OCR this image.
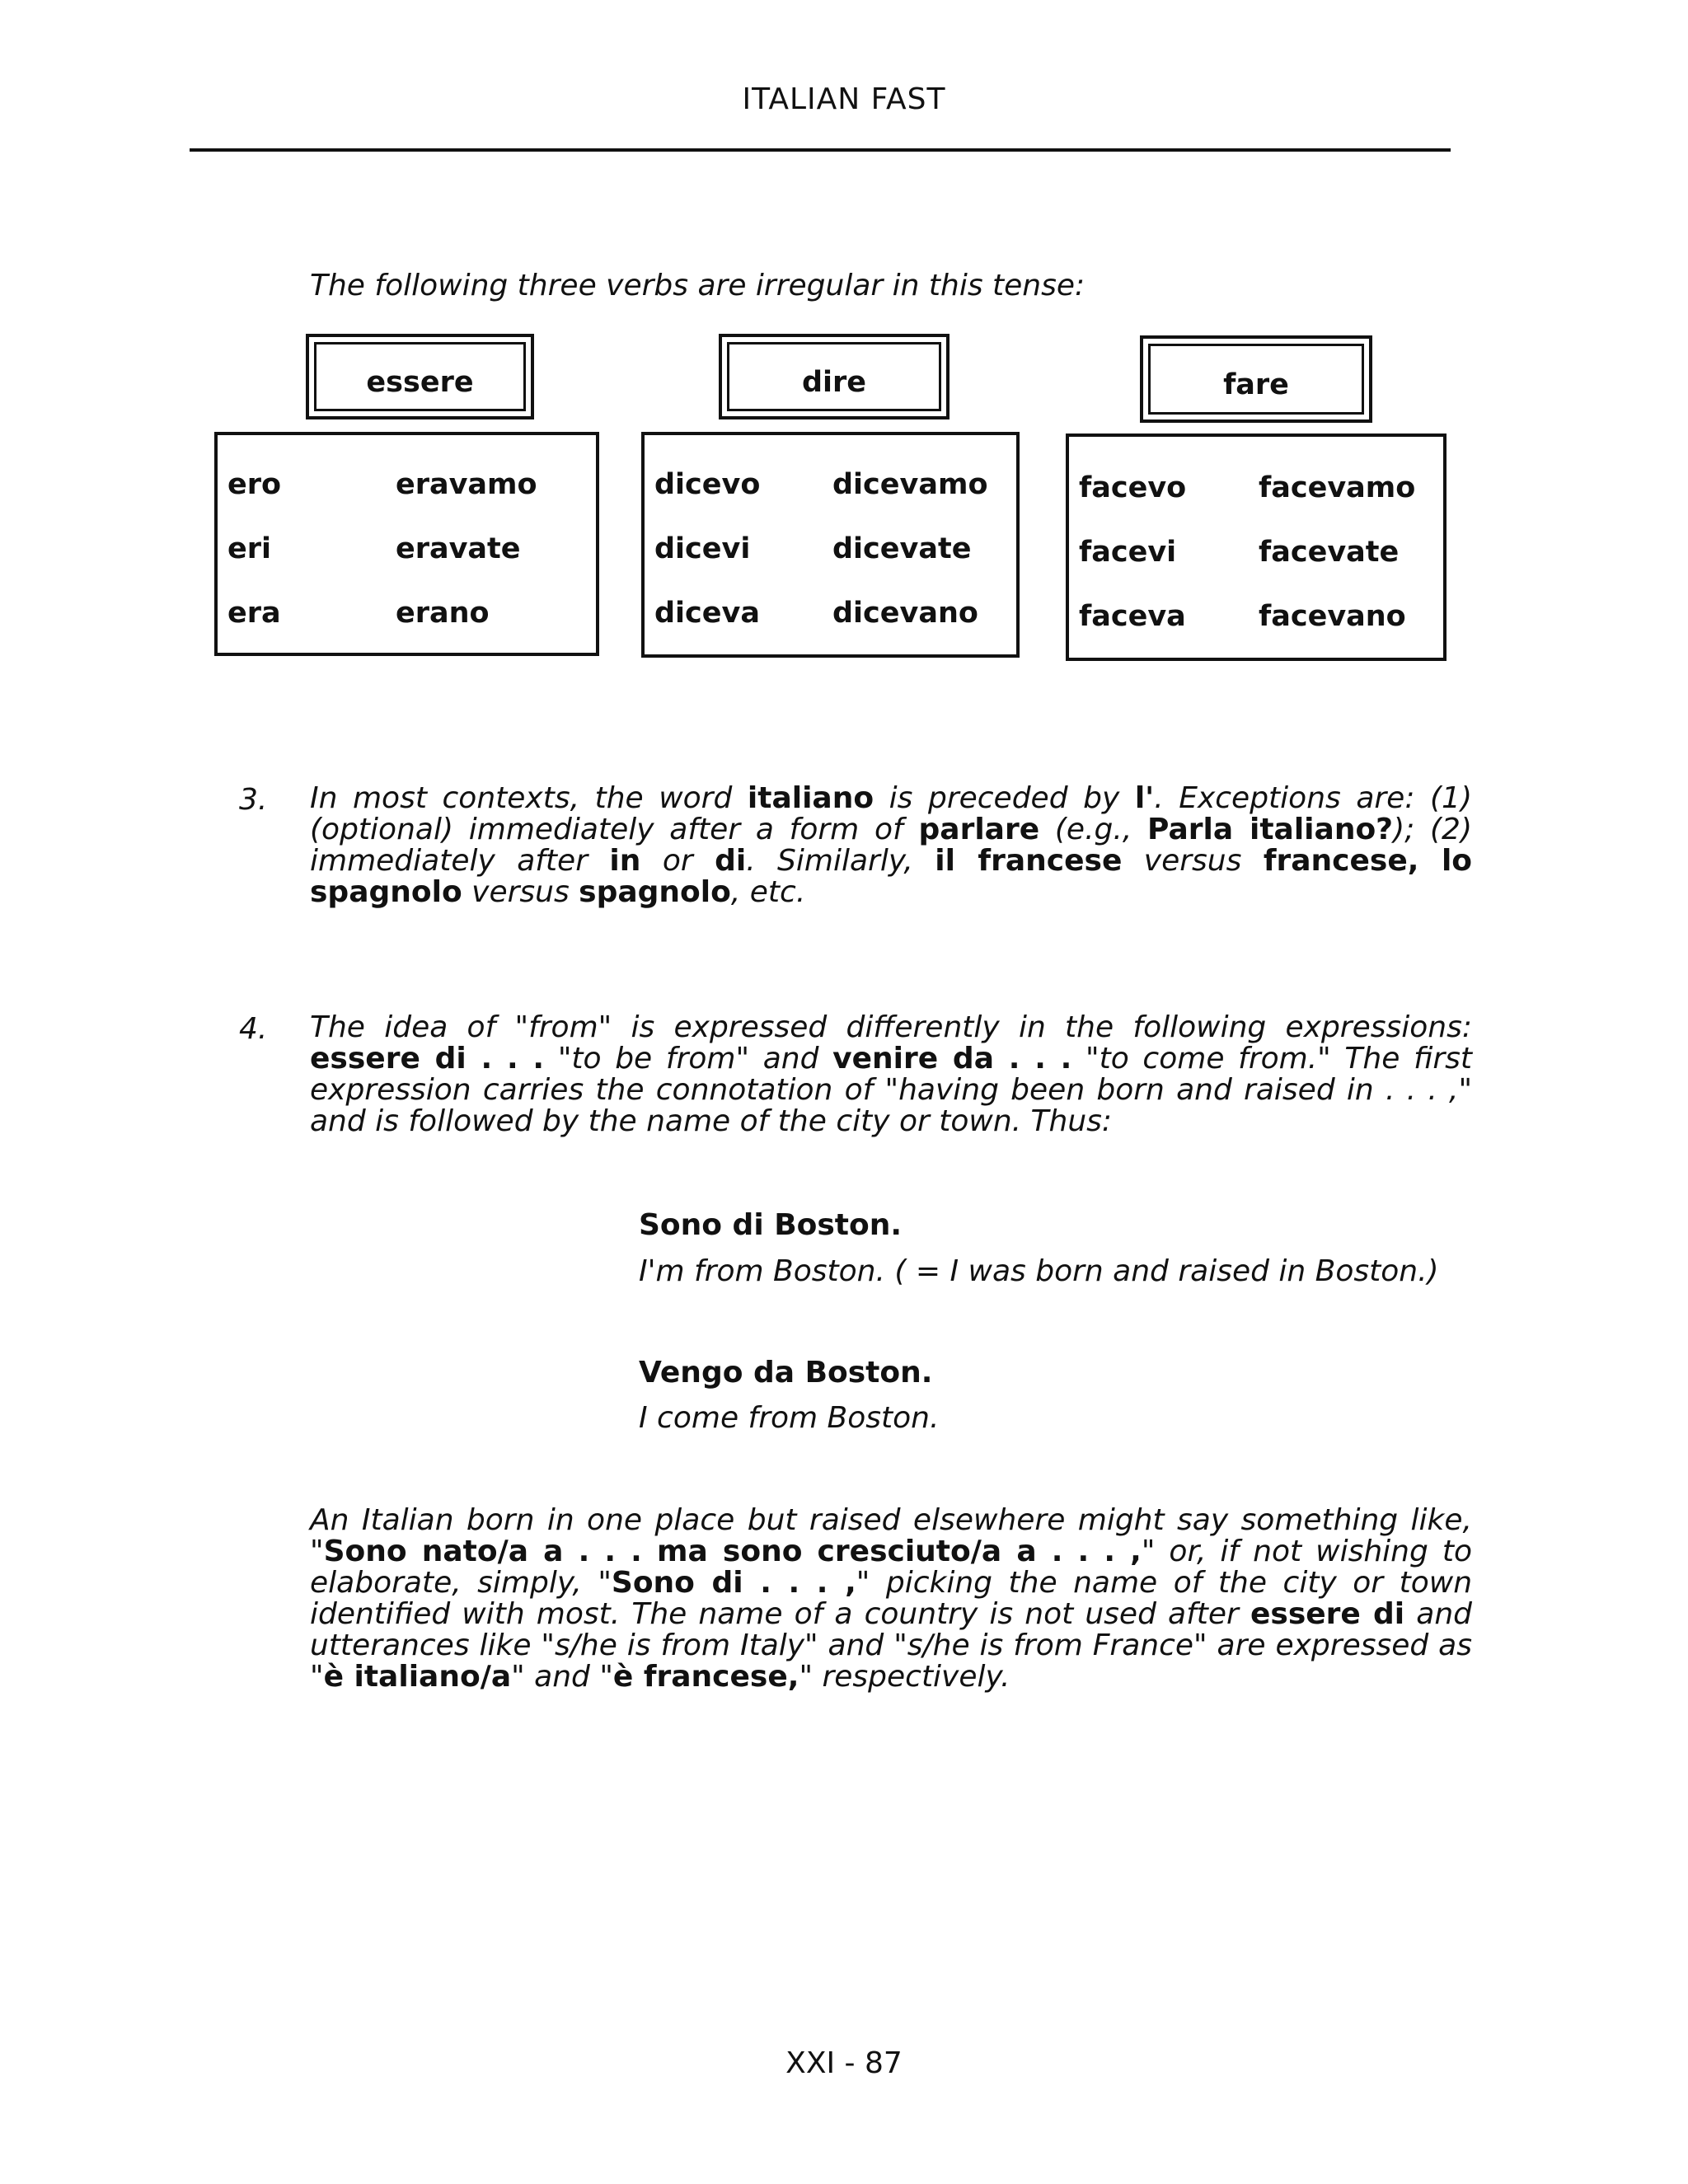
ITALIAN FAST
The following three verbs are irregular in this tense:
essere
ero	eravamo
eri	eravate
era	erano
dire
dicevo	dicevamo
dicevi	dicevate
diceva	dicevano
fare
facevo	facevamo
facevi	facevate
faceva	facevano
3. In most contexts, the word italiano is preceded by l'. Exceptions are: (1) (optional) immediately after a form of parlare (e.g., Parla italiano?); (2) immediately after in or di. Similarly, il francese versus francese, lo spagnolo versus spagnolo, etc.
4. The idea of "from" is expressed differently in the following expressions: essere di . . . "to be from" and venire da . . . "to come from." The first expression carries the connotation of "having been born and raised in . . . ," and is followed by the name of the city or town. Thus:
Sono di Boston.
I'm from Boston. ( = I was born and raised in Boston.)
Vengo da Boston.
I come from Boston.
An Italian born in one place but raised elsewhere might say something like, "Sono nato/a a . . . ma sono cresciuto/a a . . . ," or, if not wishing to elaborate, simply, "Sono di . . . ," picking the name of the city or town identified with most. The name of a country is not used after essere di and utterances like "s/he is from Italy" and "s/he is from France" are expressed as "è italiano/a" and "è francese," respectively.
XXI - 87
